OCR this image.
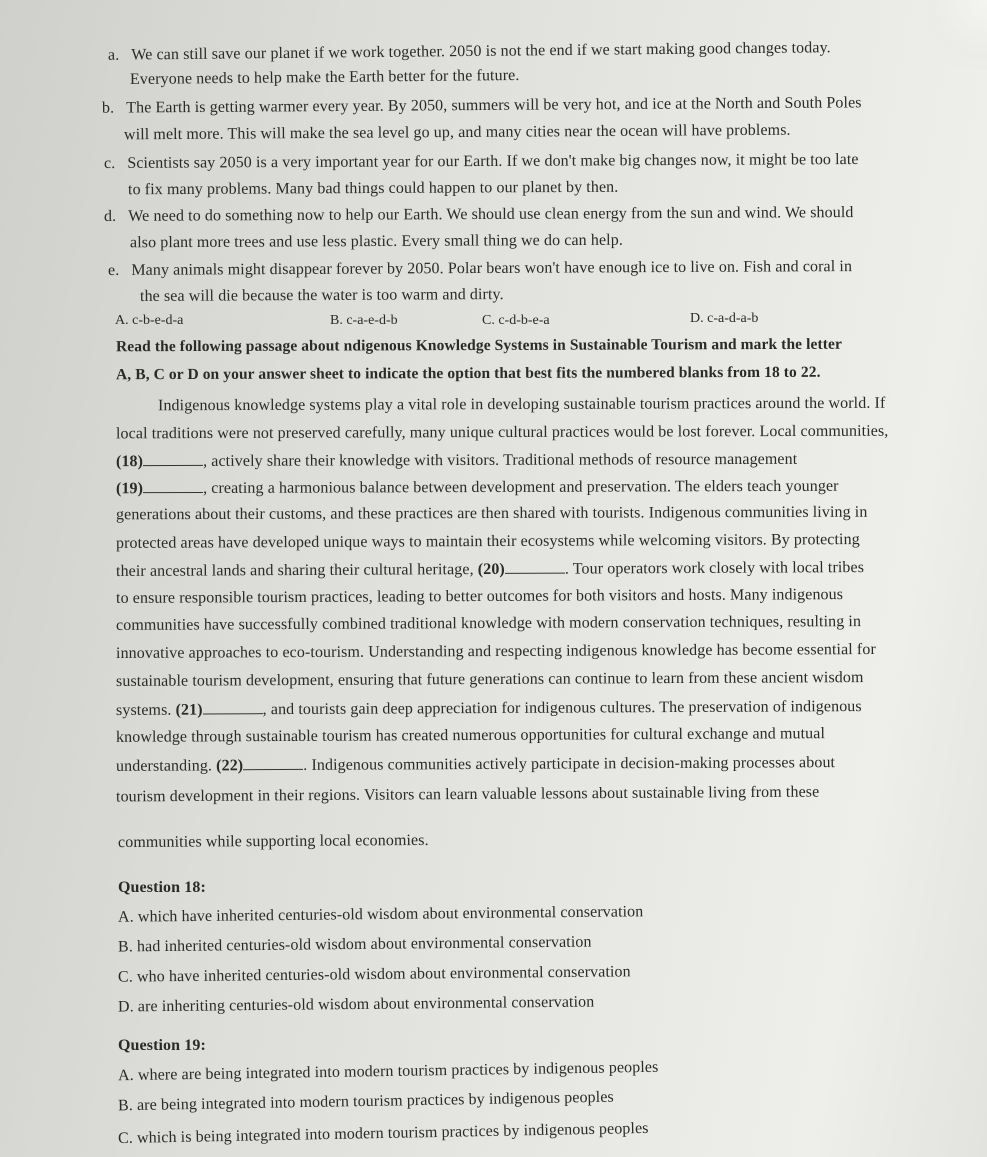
a. We can still save our planet if we work together. 2050 is not the end if we start making good changes today.
Everyone needs to help make the Earth better for the future.
b. The Earth is getting warmer every year. By 2050, summers will be very hot, and ice at the North and South Poles
will melt more. This will make the sea level go up, and many cities near the ocean will have problems.
c. Scientists say 2050 is a very important year for our Earth. If we don't make big changes now, it might be too late
to fix many problems. Many bad things could happen to our planet by then.
d. We need to do something now to help our Earth. We should use clean energy from the sun and wind. We should
also plant more trees and use less plastic. Every small thing we do can help.
e. Many animals might disappear forever by 2050. Polar bears won't have enough ice to live on. Fish and coral in
the sea will die because the water is too warm and dirty.
A. c-b-e-d-a	B. c-a-e-d-b	C. c-d-b-e-a	D. c-a-d-a-b
Read the following passage about ndigenous Knowledge Systems in Sustainable Tourism and mark the letter
A, B, C or D on your answer sheet to indicate the option that best fits the numbered blanks from 18 to 22.
Indigenous knowledge systems play a vital role in developing sustainable tourism practices around the world. If
local traditions were not preserved carefully, many unique cultural practices would be lost forever. Local communities,
(18)	, actively share their knowledge with visitors. Traditional methods of resource management
(19)	, creating a harmonious balance between development and preservation. The elders teach younger
generations about their customs, and these practices are then shared with tourists. Indigenous communities living in
protected areas have developed unique ways to maintain their ecosystems while welcoming visitors. By protecting
their ancestral lands and sharing their cultural heritage, (20)	. Tour operators work closely with local tribes
to ensure responsible tourism practices, leading to better outcomes for both visitors and hosts. Many indigenous
communities have successfully combined traditional knowledge with modern conservation techniques, resulting in
innovative approaches to eco-tourism. Understanding and respecting indigenous knowledge has become essential for
sustainable tourism development, ensuring that future generations can continue to learn from these ancient wisdom
systems. (21)	, and tourists gain deep appreciation for indigenous cultures. The preservation of indigenous
knowledge through sustainable tourism has created numerous opportunities for cultural exchange and mutual
understanding. (22)	. Indigenous communities actively participate in decision-making processes about
tourism development in their regions. Visitors can learn valuable lessons about sustainable living from these
communities while supporting local economies.
Question 18:
A. which have inherited centuries-old wisdom about environmental conservation
B. had inherited centuries-old wisdom about environmental conservation
C. who have inherited centuries-old wisdom about environmental conservation
D. are inheriting centuries-old wisdom about environmental conservation
Question 19:
A. where are being integrated into modern tourism practices by indigenous peoples
B. are being integrated into modern tourism practices by indigenous peoples
C. which is being integrated into modern tourism practices by indigenous peoples
